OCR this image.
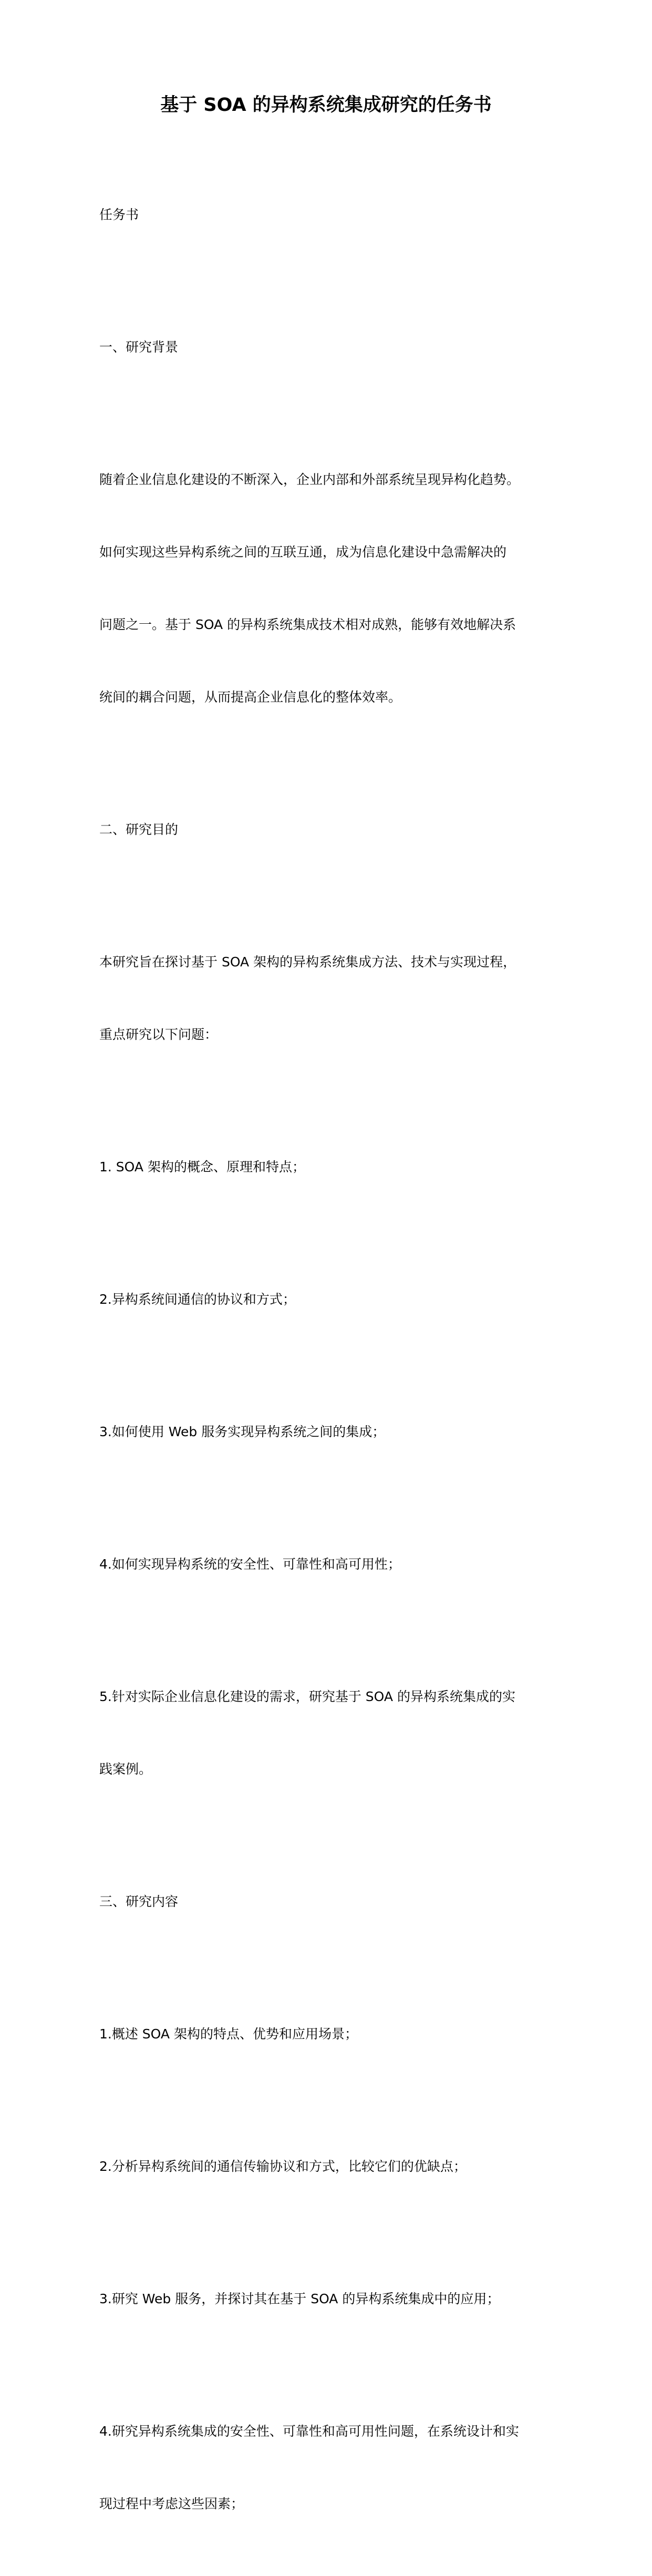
基于 SOA 的异构系统集成研究的任务书

任务书

一、研究背景

随着企业信息化建设的不断深入，企业内部和外部系统呈现异构化趋势。

如何实现这些异构系统之间的互联互通，成为信息化建设中急需解决的

问题之一。基于 SOA 的异构系统集成技术相对成熟，能够有效地解决系

统间的耦合问题，从而提高企业信息化的整体效率。

二、研究目的

本研究旨在探讨基于 SOA 架构的异构系统集成方法、技术与实现过程，

重点研究以下问题：

1. SOA 架构的概念、原理和特点；

2.异构系统间通信的协议和方式；

3.如何使用 Web 服务实现异构系统之间的集成；

4.如何实现异构系统的安全性、可靠性和高可用性；

5.针对实际企业信息化建设的需求，研究基于 SOA 的异构系统集成的实

践案例。

三、研究内容

1.概述 SOA 架构的特点、优势和应用场景；

2.分析异构系统间的通信传输协议和方式，比较它们的优缺点；

3.研究 Web 服务，并探讨其在基于 SOA 的异构系统集成中的应用；

4.研究异构系统集成的安全性、可靠性和高可用性问题，在系统设计和实

现过程中考虑这些因素；
